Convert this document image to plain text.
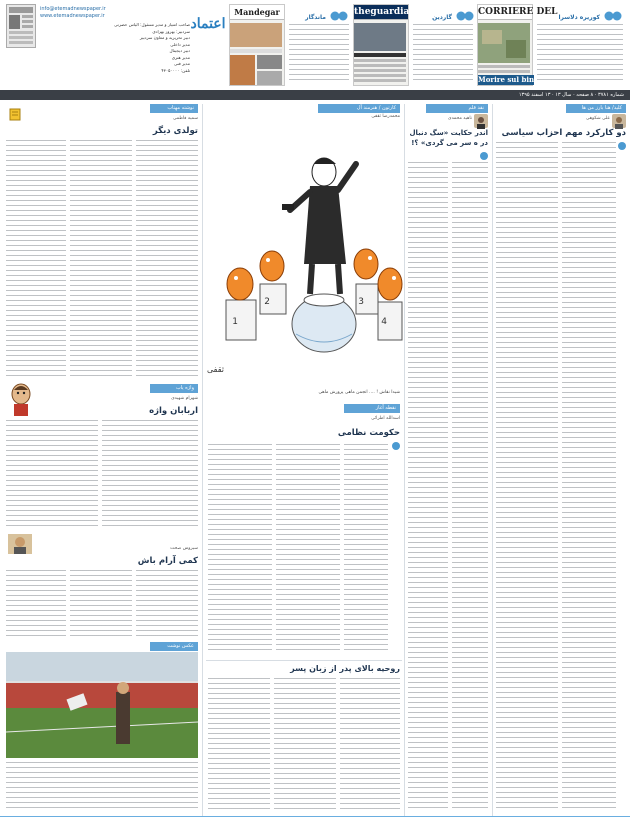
info@etemadnewspaper.ir
www.etemadnewspaper.ir
صاحب امتیاز و مدیر مسئول: الیاس حضرتی
سردبیر: بهروز بهزادی
دبیر تحریریه و معاون سردبیر
مدیر داخلی
دبیر دیجیتال
مدیر هنری
مدیر فنی
تلفن: ۴۳۰۵۰۰۰۰
اعتماد
Mandegar
ماندگار
theguardian
گاردین
CORRIERE DEL
Morire sul bin
کوریره دلاسرا
شماره ۳۷۸۱ · ۸ صفحه · سال ۱۳ · ۱۳ اسفند ۱۳۹۵
کلید/ هنا بارز من ها
علی شکوهی
دو کارکرد مهم احزاب سیاسی
نقد قلم
ناهید محمدی
اندر حکایت «سگ دنبال در ه سر می گردی» ؟!
کارتون / هنرمند آل
محمدرضا ثقفی
1
2	3
4
ثقفی
شیدا نقاش ! .... انجمن ماهی پرورش ماهی
نقطه آغاز
اسدالله اطرائی
حکومت نظامی
روحیه بالای پدر از زبان پسر
نوشته مهتاب
سمیه فاطمی
تولدی دیگر
واژه یاب
شهرام شهیدی
اربابان واژه
سیروس صحت
کمی آرام باش
عکس نوشت
